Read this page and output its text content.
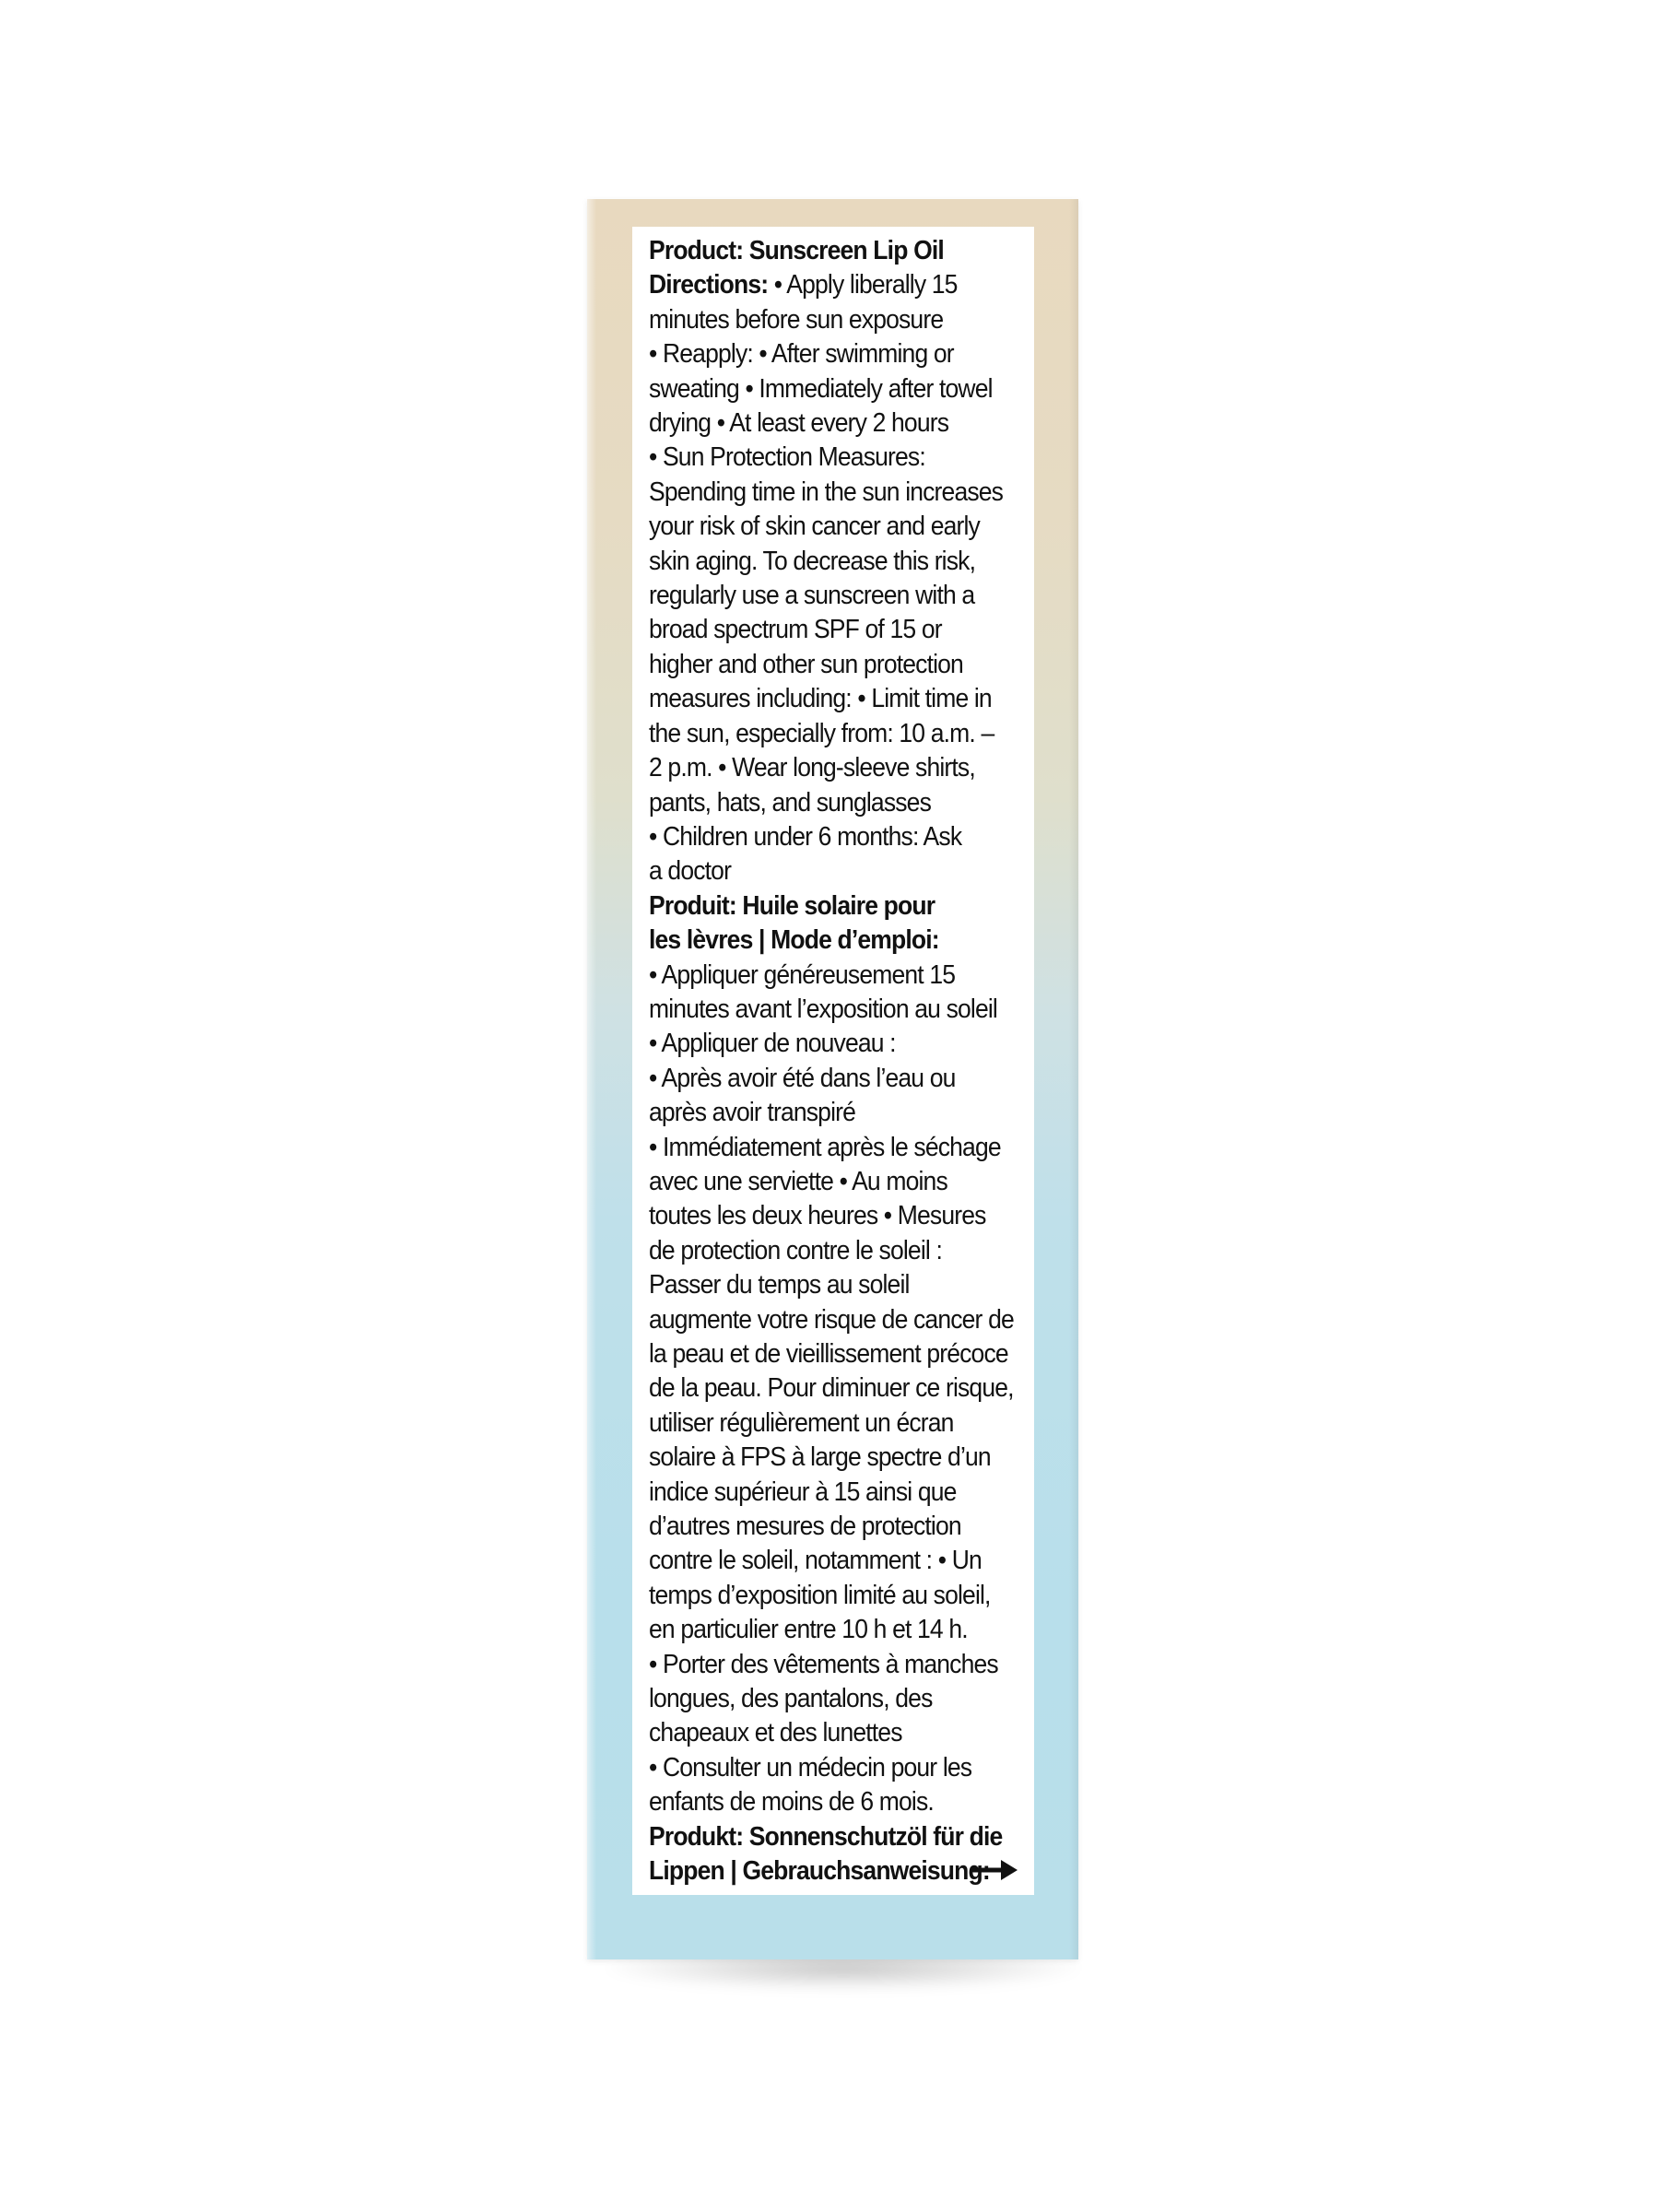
Product: Sunscreen Lip Oil
Directions: • Apply liberally 15
minutes before sun exposure
• Reapply: • After swimming or
sweating • Immediately after towel
drying • At least every 2 hours
• Sun Protection Measures:
Spending time in the sun increases
your risk of skin cancer and early
skin aging. To decrease this risk,
regularly use a sunscreen with a
broad spectrum SPF of 15 or
higher and other sun protection
measures including: • Limit time in
the sun, especially from: 10 a.m. –
2 p.m. • Wear long-sleeve shirts,
pants, hats, and sunglasses
• Children under 6 months: Ask
a doctor
Produit: Huile solaire pour
les lèvres | Mode d’emploi:
• Appliquer généreusement 15
minutes avant l’exposition au soleil
• Appliquer de nouveau :
• Après avoir été dans l’eau ou
après avoir transpiré
• Immédiatement après le séchage
avec une serviette • Au moins
toutes les deux heures • Mesures
de protection contre le soleil :
Passer du temps au soleil
augmente votre risque de cancer de
la peau et de vieillissement précoce
de la peau. Pour diminuer ce risque,
utiliser régulièrement un écran
solaire à FPS à large spectre d’un
indice supérieur à 15 ainsi que
d’autres mesures de protection
contre le soleil, notamment : • Un
temps d’exposition limité au soleil,
en particulier entre 10 h et 14 h.
• Porter des vêtements à manches
longues, des pantalons, des
chapeaux et des lunettes
• Consulter un médecin pour les
enfants de moins de 6 mois.
Produkt: Sonnenschutzöl für die
Lippen | Gebrauchsanweisung:
